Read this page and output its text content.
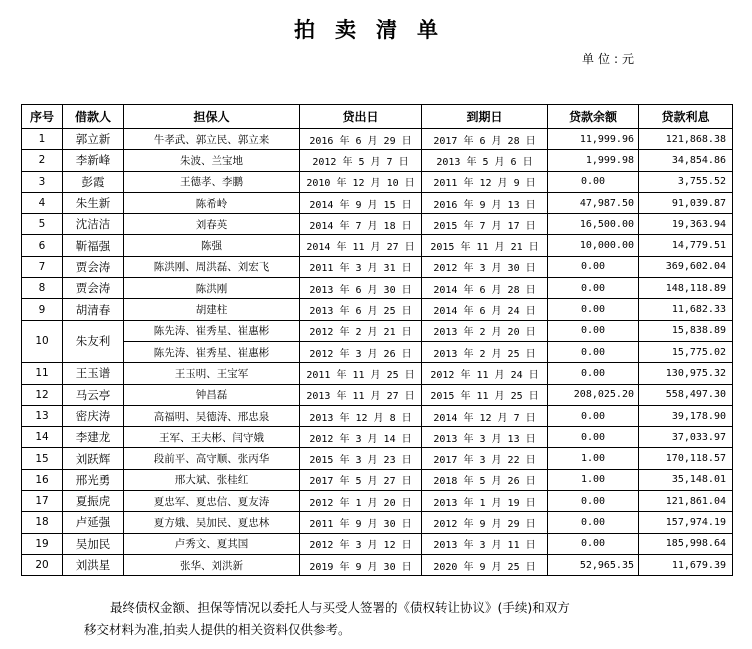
拍卖清单
单位:元
序号	借款人	担保人	贷出日	到期日	贷款余额	贷款利息
1	郭立新	牛孝武、郭立民、郭立来	2016 年 6 月 29 日	2017 年 6 月 28 日	11,999.96	121,868.38
2	李新峰	朱波、兰宝地	2012 年 5 月 7 日	2013 年 5 月 6 日	1,999.98	34,854.86
3	彭霞	王德孝、李鹏	2010 年 12 月 10 日	2011 年 12 月 9 日	0.00	3,755.52
4	朱生新	陈希岭	2014 年 9 月 15 日	2016 年 9 月 13 日	47,987.50	91,039.87
5	沈洁洁	刘春英	2014 年 7 月 18 日	2015 年 7 月 17 日	16,500.00	19,363.94
6	靳福强	陈强	2014 年 11 月 27 日	2015 年 11 月 21 日	10,000.00	14,779.51
7	贾会涛	陈洪刚、周洪磊、刘宏飞	2011 年 3 月 31 日	2012 年 3 月 30 日	0.00	369,602.04
8	贾会涛	陈洪刚	2013 年 6 月 30 日	2014 年 6 月 28 日	0.00	148,118.89
9	胡清春	胡建柱	2013 年 6 月 25 日	2014 年 6 月 24 日	0.00	11,682.33
10	朱友利	陈先涛、崔秀星、崔惠彬	2012 年 2 月 21 日	2013 年 2 月 20 日	0.00	15,838.89
		陈先涛、崔秀星、崔惠彬	2012 年 3 月 26 日	2013 年 2 月 25 日	0.00	15,775.02
11	王玉谱	王玉明、王宝军	2011 年 11 月 25 日	2012 年 11 月 24 日	0.00	130,975.32
12	马云亭	钟昌磊	2013 年 11 月 27 日	2015 年 11 月 25 日	208,025.20	558,497.30
13	密庆涛	高福明、吴德涛、邢忠泉	2013 年 12 月 8 日	2014 年 12 月 7 日	0.00	39,178.90
14	李建龙	王军、王夫彬、闫守娥	2012 年 3 月 14 日	2013 年 3 月 13 日	0.00	37,033.97
15	刘跃辉	段前平、高守顺、张丙华	2015 年 3 月 23 日	2017 年 3 月 22 日	1.00	170,118.57
16	邢光勇	邢大斌、张桂红	2017 年 5 月 27 日	2018 年 5 月 26 日	1.00	35,148.01
17	夏振虎	夏忠军、夏忠信、夏友涛	2012 年 1 月 20 日	2013 年 1 月 19 日	0.00	121,861.04
18	卢延强	夏方娥、吴加民、夏忠林	2011 年 9 月 30 日	2012 年 9 月 29 日	0.00	157,974.19
19	吴加民	卢秀文、夏其国	2012 年 3 月 12 日	2013 年 3 月 11 日	0.00	185,998.64
20	刘洪星	张华、刘洪新	2019 年 9 月 30 日	2020 年 9 月 25 日	52,965.35	11,679.39

最终债权金额、担保等情况以委托人与买受人签署的《债权转让协议》(手续)和双方

移交材料为准,拍卖人提供的相关资料仅供参考。
